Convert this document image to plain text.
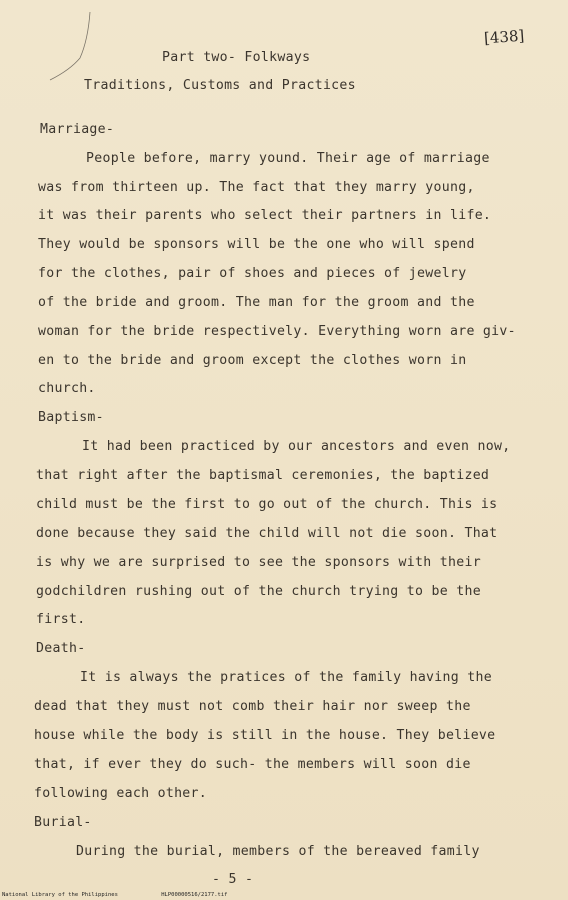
[438]
Part two- Folkways
Traditions, Customs and Practices
Marriage-
People before, marry yound. Their age of marriage
was from thirteen up. The fact that they marry young,
it was their parents who select their partners in life.
They would be sponsors will be the one who will spend
for the clothes, pair of shoes and pieces of jewelry
of the bride and groom. The man for the groom and the
woman for the bride respectively. Everything worn are giv-
en to the bride and groom except the clothes worn in
church.
Baptism-
It had been practiced by our ancestors and even now,
that right after the baptismal ceremonies, the baptized
child must be the first to go out of the church. This is
done because they said the child will not die soon. That
is why we are surprised to see the sponsors with their
godchildren rushing out of the church trying to be the
first.
Death-
It is always the pratices of the family having the
dead that they must not comb their hair nor sweep the
house while the body is still in the house. They believe
that, if ever they do such- the members will soon die
following each other.
Burial-
During the burial, members of the bereaved family
- 5 -
National Library of the Philippines	HLP00000516/2177.tif
